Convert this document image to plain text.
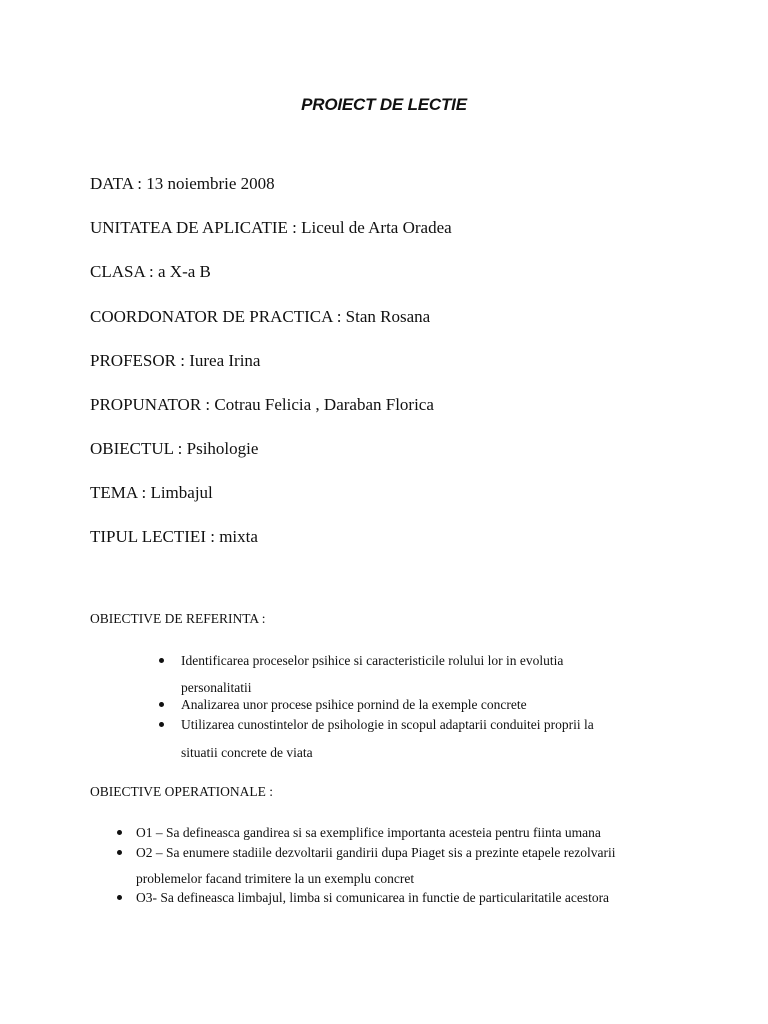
PROIECT DE LECTIE
DATA : 13 noiembrie 2008
UNITATEA DE APLICATIE : Liceul de Arta Oradea
CLASA : a X-a B
COORDONATOR DE PRACTICA : Stan Rosana
PROFESOR : Iurea Irina
PROPUNATOR : Cotrau Felicia , Daraban Florica
OBIECTUL : Psihologie
TEMA : Limbajul
TIPUL LECTIEI : mixta
OBIECTIVE DE REFERINTA :
Identificarea proceselor psihice si caracteristicile rolului lor in evolutia
personalitatii
Analizarea unor procese psihice pornind de la exemple concrete
Utilizarea cunostintelor de psihologie in scopul adaptarii conduitei proprii la
situatii concrete de viata
OBIECTIVE OPERATIONALE :
O1 – Sa defineasca gandirea si sa exemplifice importanta acesteia pentru fiinta umana
O2 – Sa enumere stadiile dezvoltarii gandirii dupa Piaget sis a prezinte etapele rezolvarii
problemelor facand trimitere la un exemplu concret
O3- Sa defineasca limbajul, limba si comunicarea in functie de particularitatile acestora
